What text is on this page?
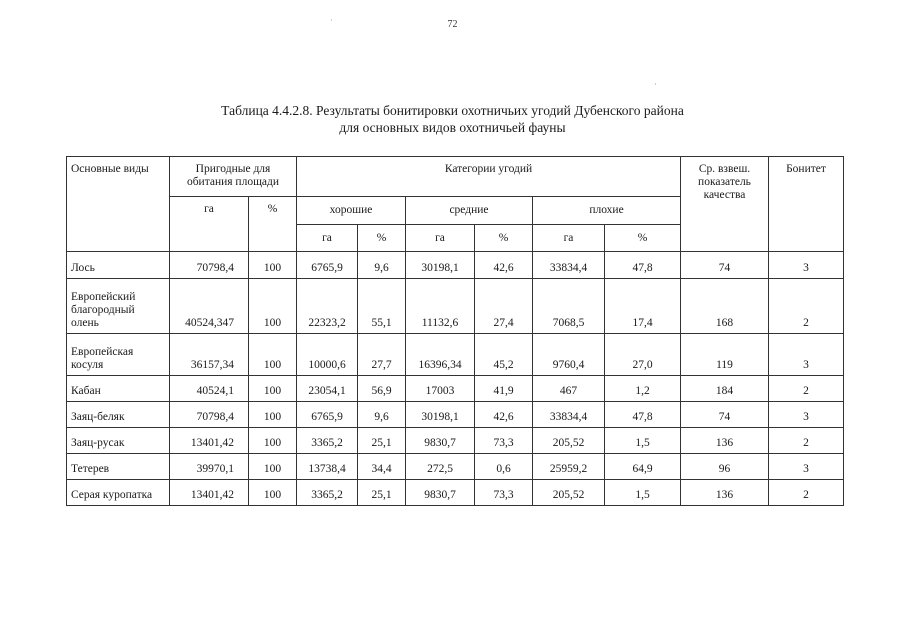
72
Таблица 4.4.2.8. Результаты бонитировки охотничьих угодий Дубенского района
для основных видов охотничьей фауны
·
·
Основные виды	Пригодные для обитания площади		Категории угодий						Ср. взвеш. показатель качества	Бонитет
	га	%	хорошие		средние		плохие			
			га	%	га	%	га	%		
Лось	70798,4	100	6765,9	9,6	30198,1	42,6	33834,4	47,8	74	3
Европейский благородный олень	40524,347	100	22323,2	55,1	11132,6	27,4	7068,5	17,4	168	2
Европейская косуля	36157,34	100	10000,6	27,7	16396,34	45,2	9760,4	27,0	119	3
Кабан	40524,1	100	23054,1	56,9	17003	41,9	467	1,2	184	2
Заяц-беляк	70798,4	100	6765,9	9,6	30198,1	42,6	33834,4	47,8	74	3
Заяц-русак	13401,42	100	3365,2	25,1	9830,7	73,3	205,52	1,5	136	2
Тетерев	39970,1	100	13738,4	34,4	272,5	0,6	25959,2	64,9	96	3
Серая куропатка	13401,42	100	3365,2	25,1	9830,7	73,3	205,52	1,5	136	2
